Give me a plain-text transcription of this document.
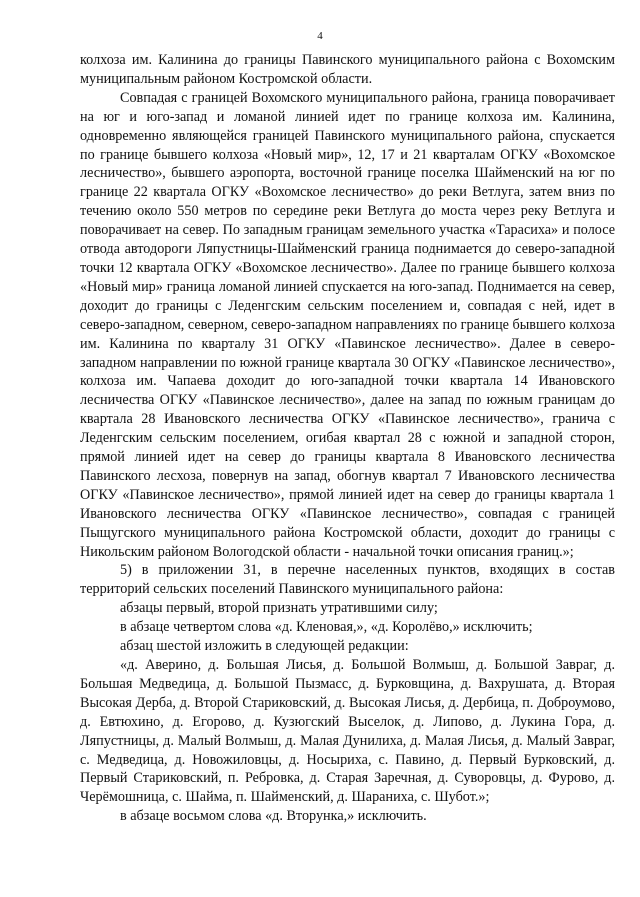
4

колхоза им. Калинина до границы Павинского муниципального района с Вохомским муниципальным районом Костромской области.

Совпадая с границей Вохомского муниципального района, граница поворачивает на юг и юго-запад и ломаной линией идет по границе колхоза им. Калинина, одновременно являющейся границей Павинского муниципального района, спускается по границе бывшего колхоза «Новый мир», 12, 17 и 21 кварталам ОГКУ «Вохомское лесничество», бывшего аэропорта, восточной границе поселка Шайменский на юг по границе 22 квартала ОГКУ «Вохомское лесничество» до реки Ветлуга, затем вниз по течению около 550 метров по середине реки Ветлуга до моста через реку Ветлуга и поворачивает на север. По западным границам земельного участка «Тарасиха» и полосе отвода автодороги Ляпустницы-Шайменский граница поднимается до северо-западной точки 12 квартала ОГКУ «Вохомское лесничество». Далее по границе бывшего колхоза «Новый мир» граница ломаной линией спускается на юго-запад. Поднимается на север, доходит до границы с Леденгским сельским поселением и, совпадая с ней, идет в северо-западном, северном, северо-западном направлениях по границе бывшего колхоза им. Калинина по кварталу 31 ОГКУ «Павинское лесничество». Далее в северо-западном направлении по южной границе квартала 30 ОГКУ «Павинское лесничество», колхоза им. Чапаева доходит до юго-западной точки квартала 14 Ивановского лесничества ОГКУ «Павинское лесничество», далее на запад по южным границам до квартала 28 Ивановского лесничества ОГКУ «Павинское лесничество», гранича с Леденгским сельским поселением, огибая квартал 28 с южной и западной сторон, прямой линией идет на север до границы квартала 8 Ивановского лесничества Павинского лесхоза, повернув на запад, обогнув квартал 7 Ивановского лесничества ОГКУ «Павинское лесничество», прямой линией идет на север до границы квартала 1 Ивановского лесничества ОГКУ «Павинское лесничество», совпадая с границей Пыщугского муниципального района Костромской области, доходит до границы с Никольским районом Вологодской области - начальной точки описания границ.»;

5) в приложении 31, в перечне населенных пунктов, входящих в состав территорий сельских поселений Павинского муниципального района:

абзацы первый, второй признать утратившими силу;

в абзаце четвертом слова «д. Кленовая,», «д. Королёво,» исключить;

абзац шестой изложить в следующей редакции:

«д. Аверино, д. Большая Лисья, д. Большой Волмыш, д. Большой Завраг, д. Большая Медведица, д. Большой Пызмасс, д. Бурковщина, д. Вахрушата, д. Вторая Высокая Дерба, д. Второй Стариковский, д. Высокая Лисья, д. Дербица, п. Доброумово, д. Евтюхино, д. Егорово, д. Кузюгский Выселок, д. Липово, д. Лукина Гора, д. Ляпустницы, д. Малый Волмыш, д. Малая Дунилиха, д. Малая Лисья, д. Малый Завраг, с. Медведица, д. Новожиловцы, д. Носыриха, с. Павино, д. Первый Бурковский, д. Первый Стариковский, п. Ребровка, д. Старая Заречная, д. Суворовцы, д. Фурово, д. Черёмошница, с. Шайма, п. Шайменский, д. Шараниха, с. Шубот.»;

в абзаце восьмом слова «д. Вторунка,» исключить.
